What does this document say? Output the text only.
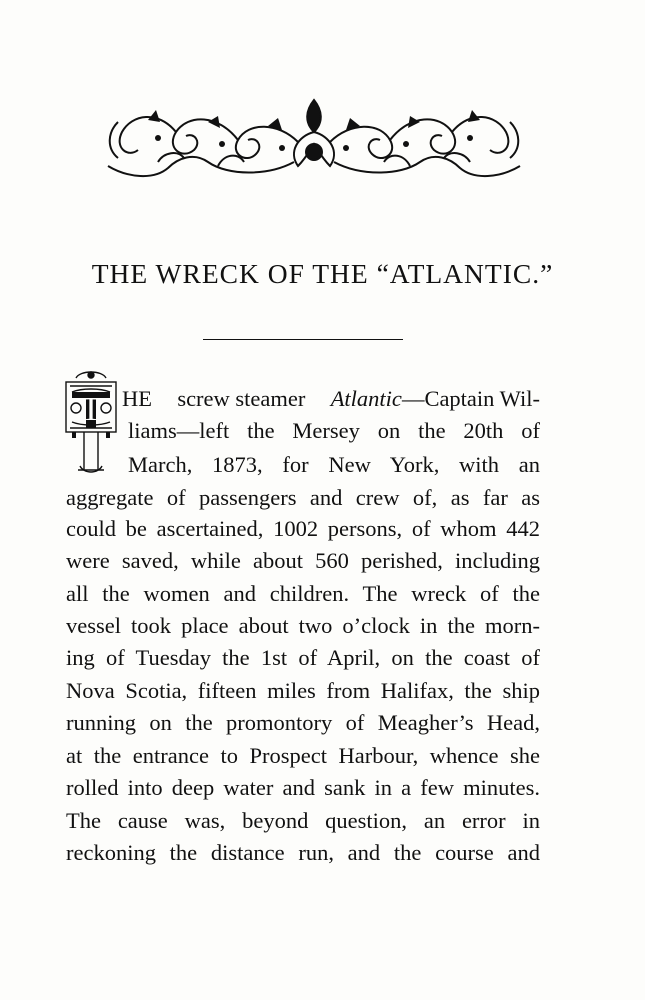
THE WRECK OF THE “ATLANTIC.”
T HE screw steamer Atlantic—Captain Wil-
liams—left the Mersey on the 20th of
March, 1873, for New York, with an
aggregate of passengers and crew of, as far as
could be ascertained, 1002 persons, of whom 442
were saved, while about 560 perished, including
all the women and children. The wreck of the
vessel took place about two o’clock in the morn-
ing of Tuesday the 1st of April, on the coast of
Nova Scotia, fifteen miles from Halifax, the ship
running on the promontory of Meagher’s Head,
at the entrance to Prospect Harbour, whence she
rolled into deep water and sank in a few minutes.
The cause was, beyond question, an error in
reckoning the distance run, and the course and
